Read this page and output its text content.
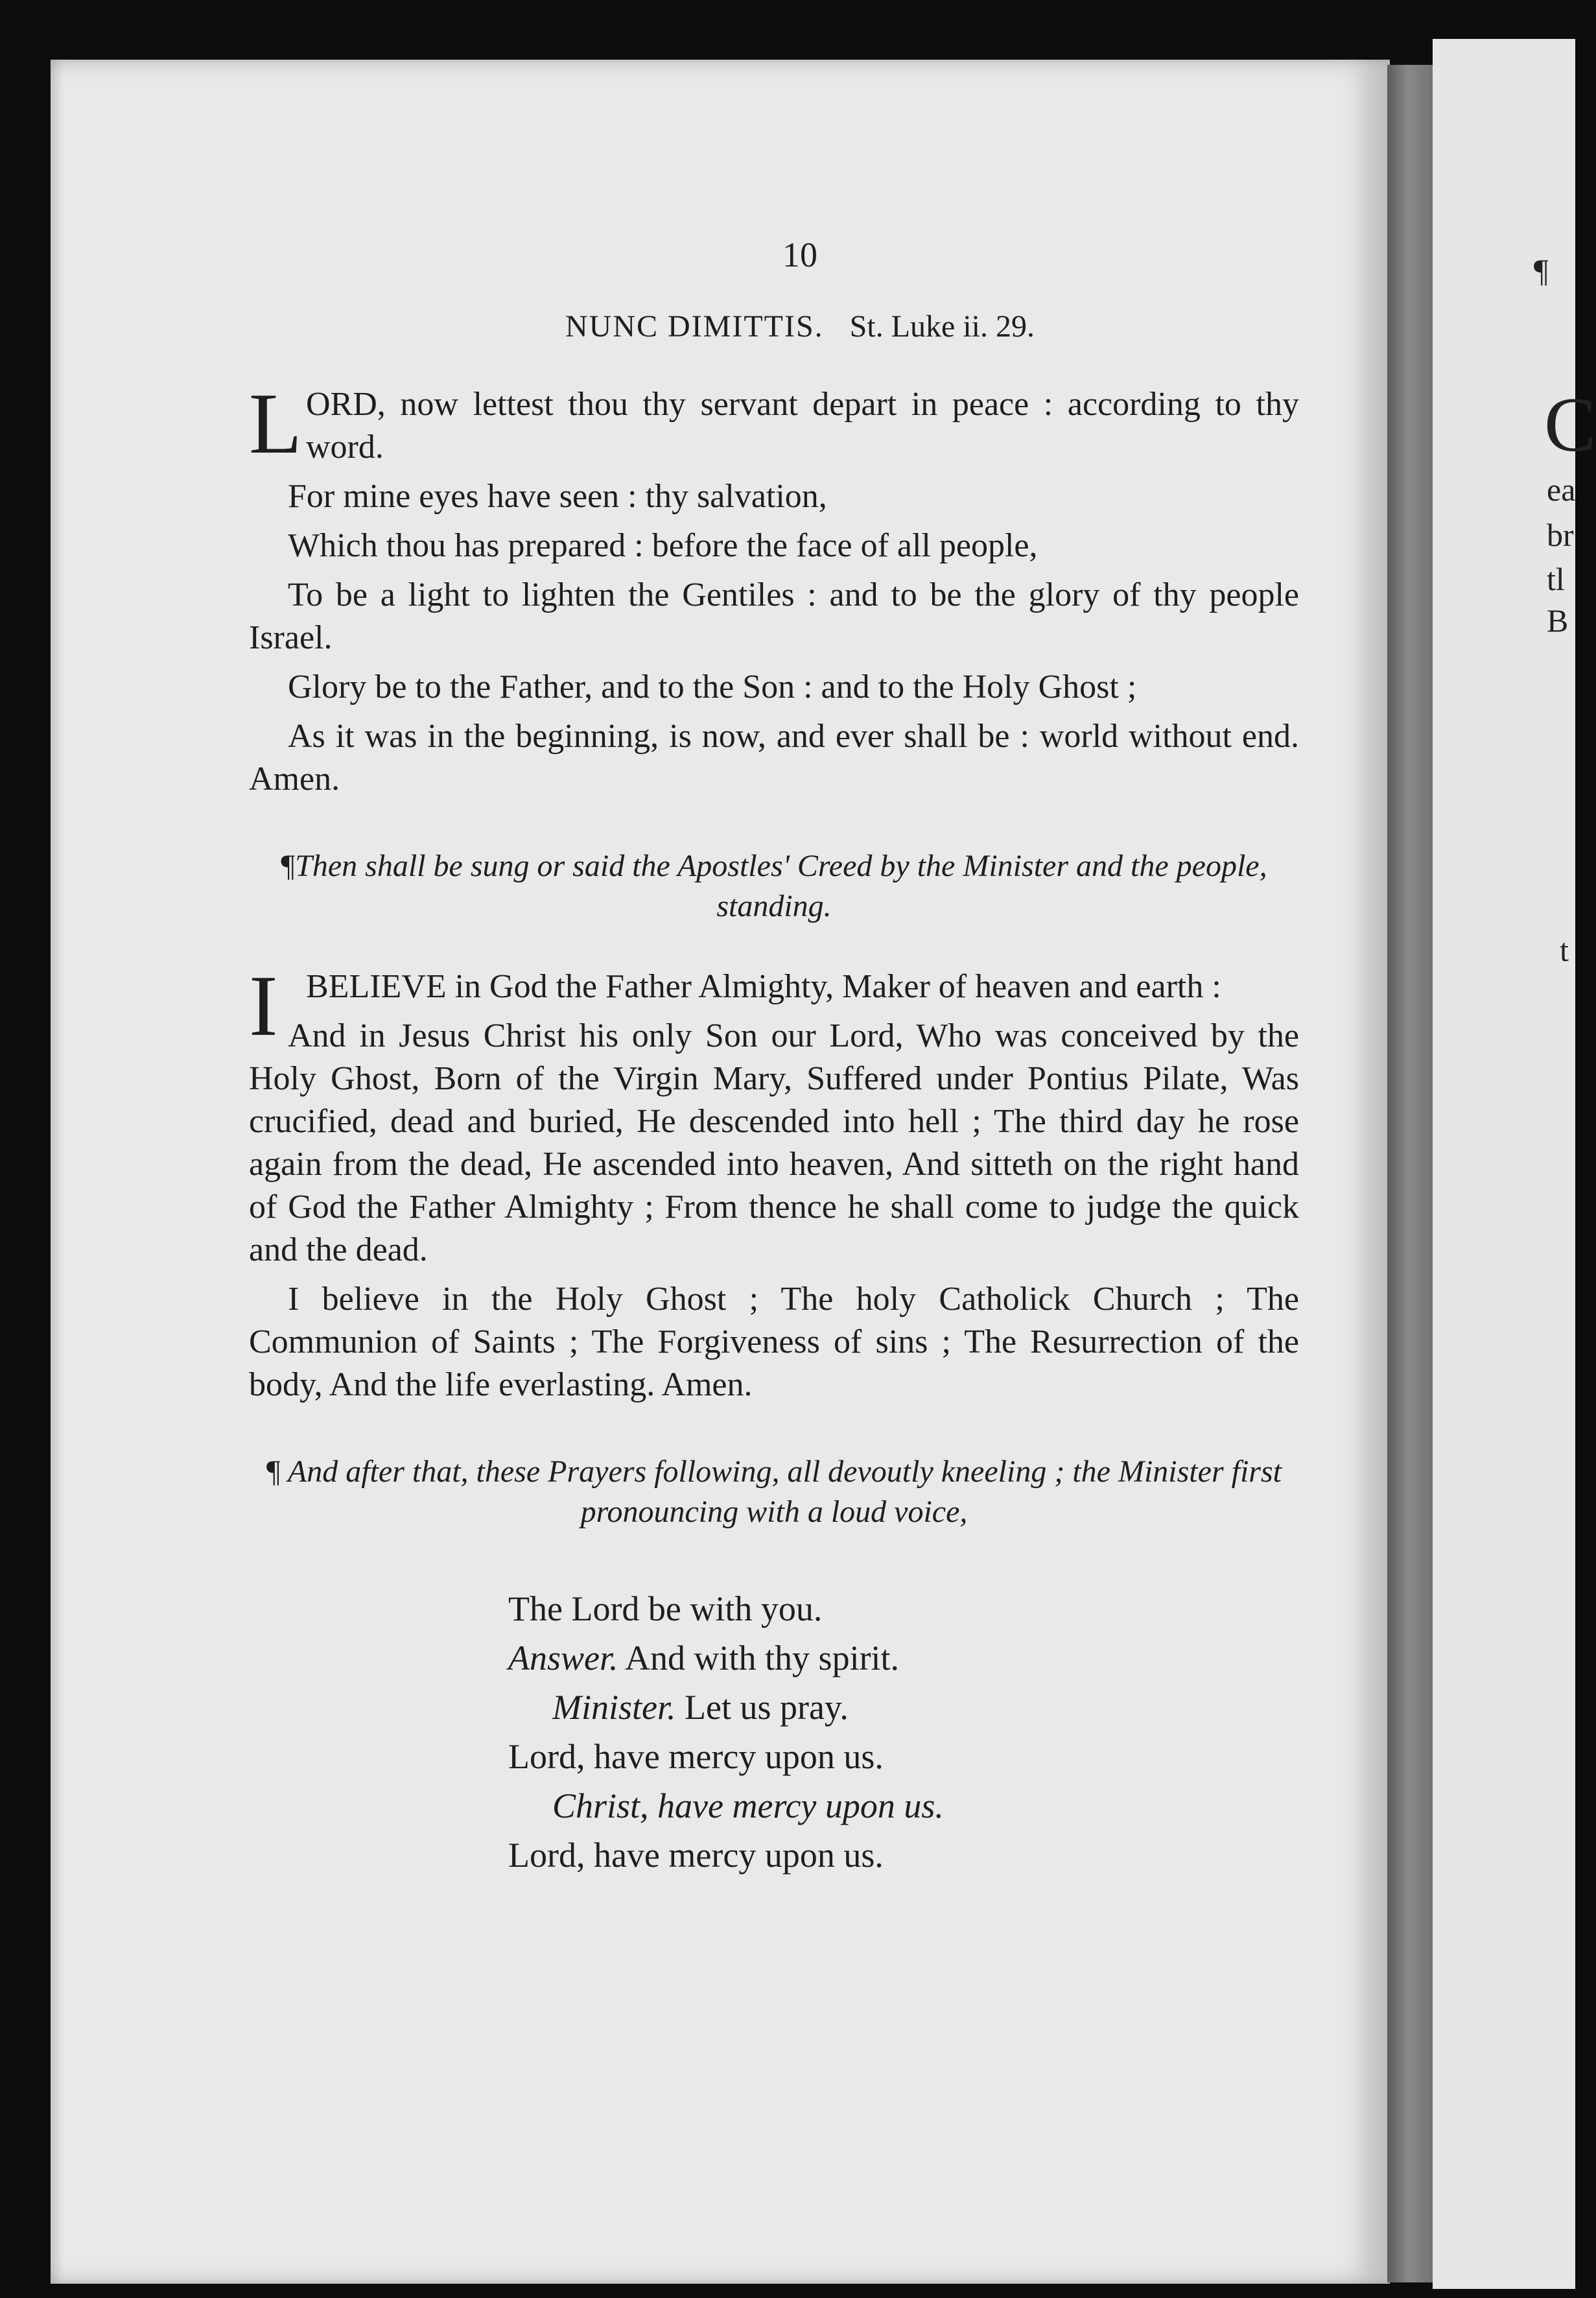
10
NUNC DIMITTIS. St. Luke ii. 29.
L ORD, now lettest thou thy servant depart in peace : according to thy word.

For mine eyes have seen : thy salvation,

Which thou has prepared : before the face of all people,

To be a light to lighten the Gentiles : and to be the glory of thy people Israel.

Glory be to the Father, and to the Son : and to the Holy Ghost ;

As it was in the beginning, is now, and ever shall be : world without end. Amen.

¶Then shall be sung or said the Apostles' Creed by the Minister and the people, standing.
I BELIEVE in God the Father Almighty, Maker of heaven and earth :

And in Jesus Christ his only Son our Lord, Who was conceived by the Holy Ghost, Born of the Virgin Mary, Suffered under Pontius Pilate, Was crucified, dead and buried, He descended into hell ; The third day he rose again from the dead, He ascended into heaven, And sitteth on the right hand of God the Father Almighty ; From thence he shall come to judge the quick and the dead.

I believe in the Holy Ghost ; The holy Catholick Church ; The Communion of Saints ; The Forgiveness of sins ; The Resurrection of the body, And the life everlasting. Amen.

¶ And after that, these Prayers following, all devoutly kneeling ; the Minister first pronouncing with a loud voice,
The Lord be with you.
Answer. And with thy spirit.
Minister. Let us pray.
Lord, have mercy upon us.
Christ, have mercy upon us.
Lord, have mercy upon us.
¶
C
ea
br
tl
B
t
